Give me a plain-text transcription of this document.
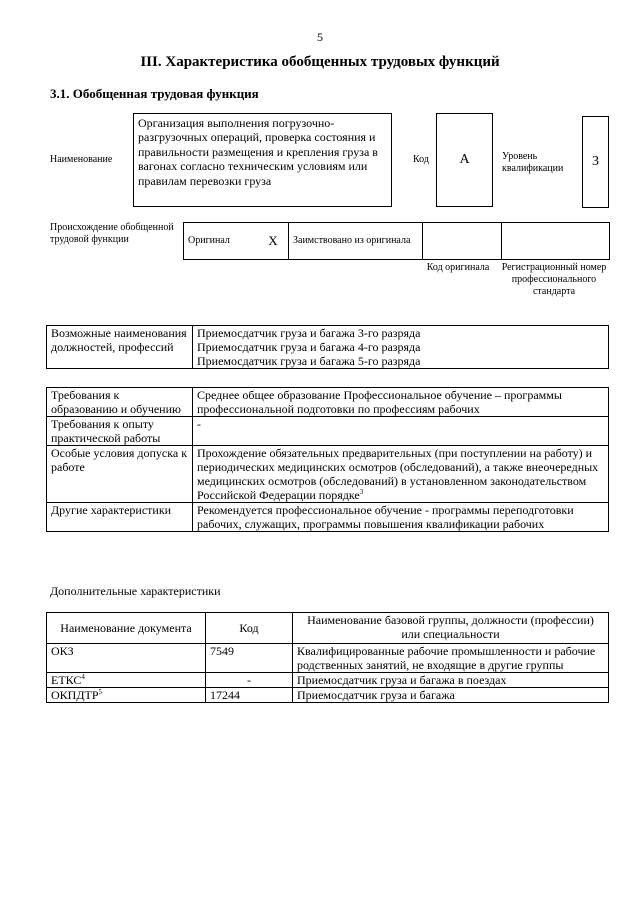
5
III. Характеристика обобщенных трудовых функций
3.1. Обобщенная трудовая функция
Наименование
Организация выполнения погрузочно-разгрузочных операций, проверка состояния и правильности размещения и крепления груза в вагонах согласно техническим условиям или правилам перевозки груза
Код	А	Уровень квалификации	3
Происхождение обобщенной трудовой функции	Оригинал	Х	Заимствовано из оригинала		
Код оригинала	Регистрационный номер профессионального стандарта
Возможные наименования должностей, профессий	
Приемосдатчик груза и багажа 3-го разряда
Приемосдатчик груза и багажа 4-го разряда
Приемосдатчик груза и багажа 5-го разряда
Требования к образованию и обучению	Среднее общее образование Профессиональное обучение – программы профессиональной подготовки по профессиям рабочих
Требования к опыту практической работы	-
Особые условия допуска к работе	Прохождение обязательных предварительных (при поступлении на работу) и периодических медицинских осмотров (обследований), а также внеочередных медицинских осмотров (обследований) в установленном законодательством Российской Федерации порядке$^3$
Другие характеристики	Рекомендуется профессиональное обучение - программы переподготовки рабочих, служащих, программы повышения квалификации рабочих
Дополнительные характеристики
Наименование документа	Код	Наименование базовой группы, должности (профессии) или специальности
ОКЗ	7549	Квалифицированные рабочие промышленности и рабочие родственных занятий, не входящие в другие группы
ЕТКС$^4$	-	Приемосдатчик груза и багажа в поездах
ОКПДТР$^5$	17244	Приемосдатчик груза и багажа
